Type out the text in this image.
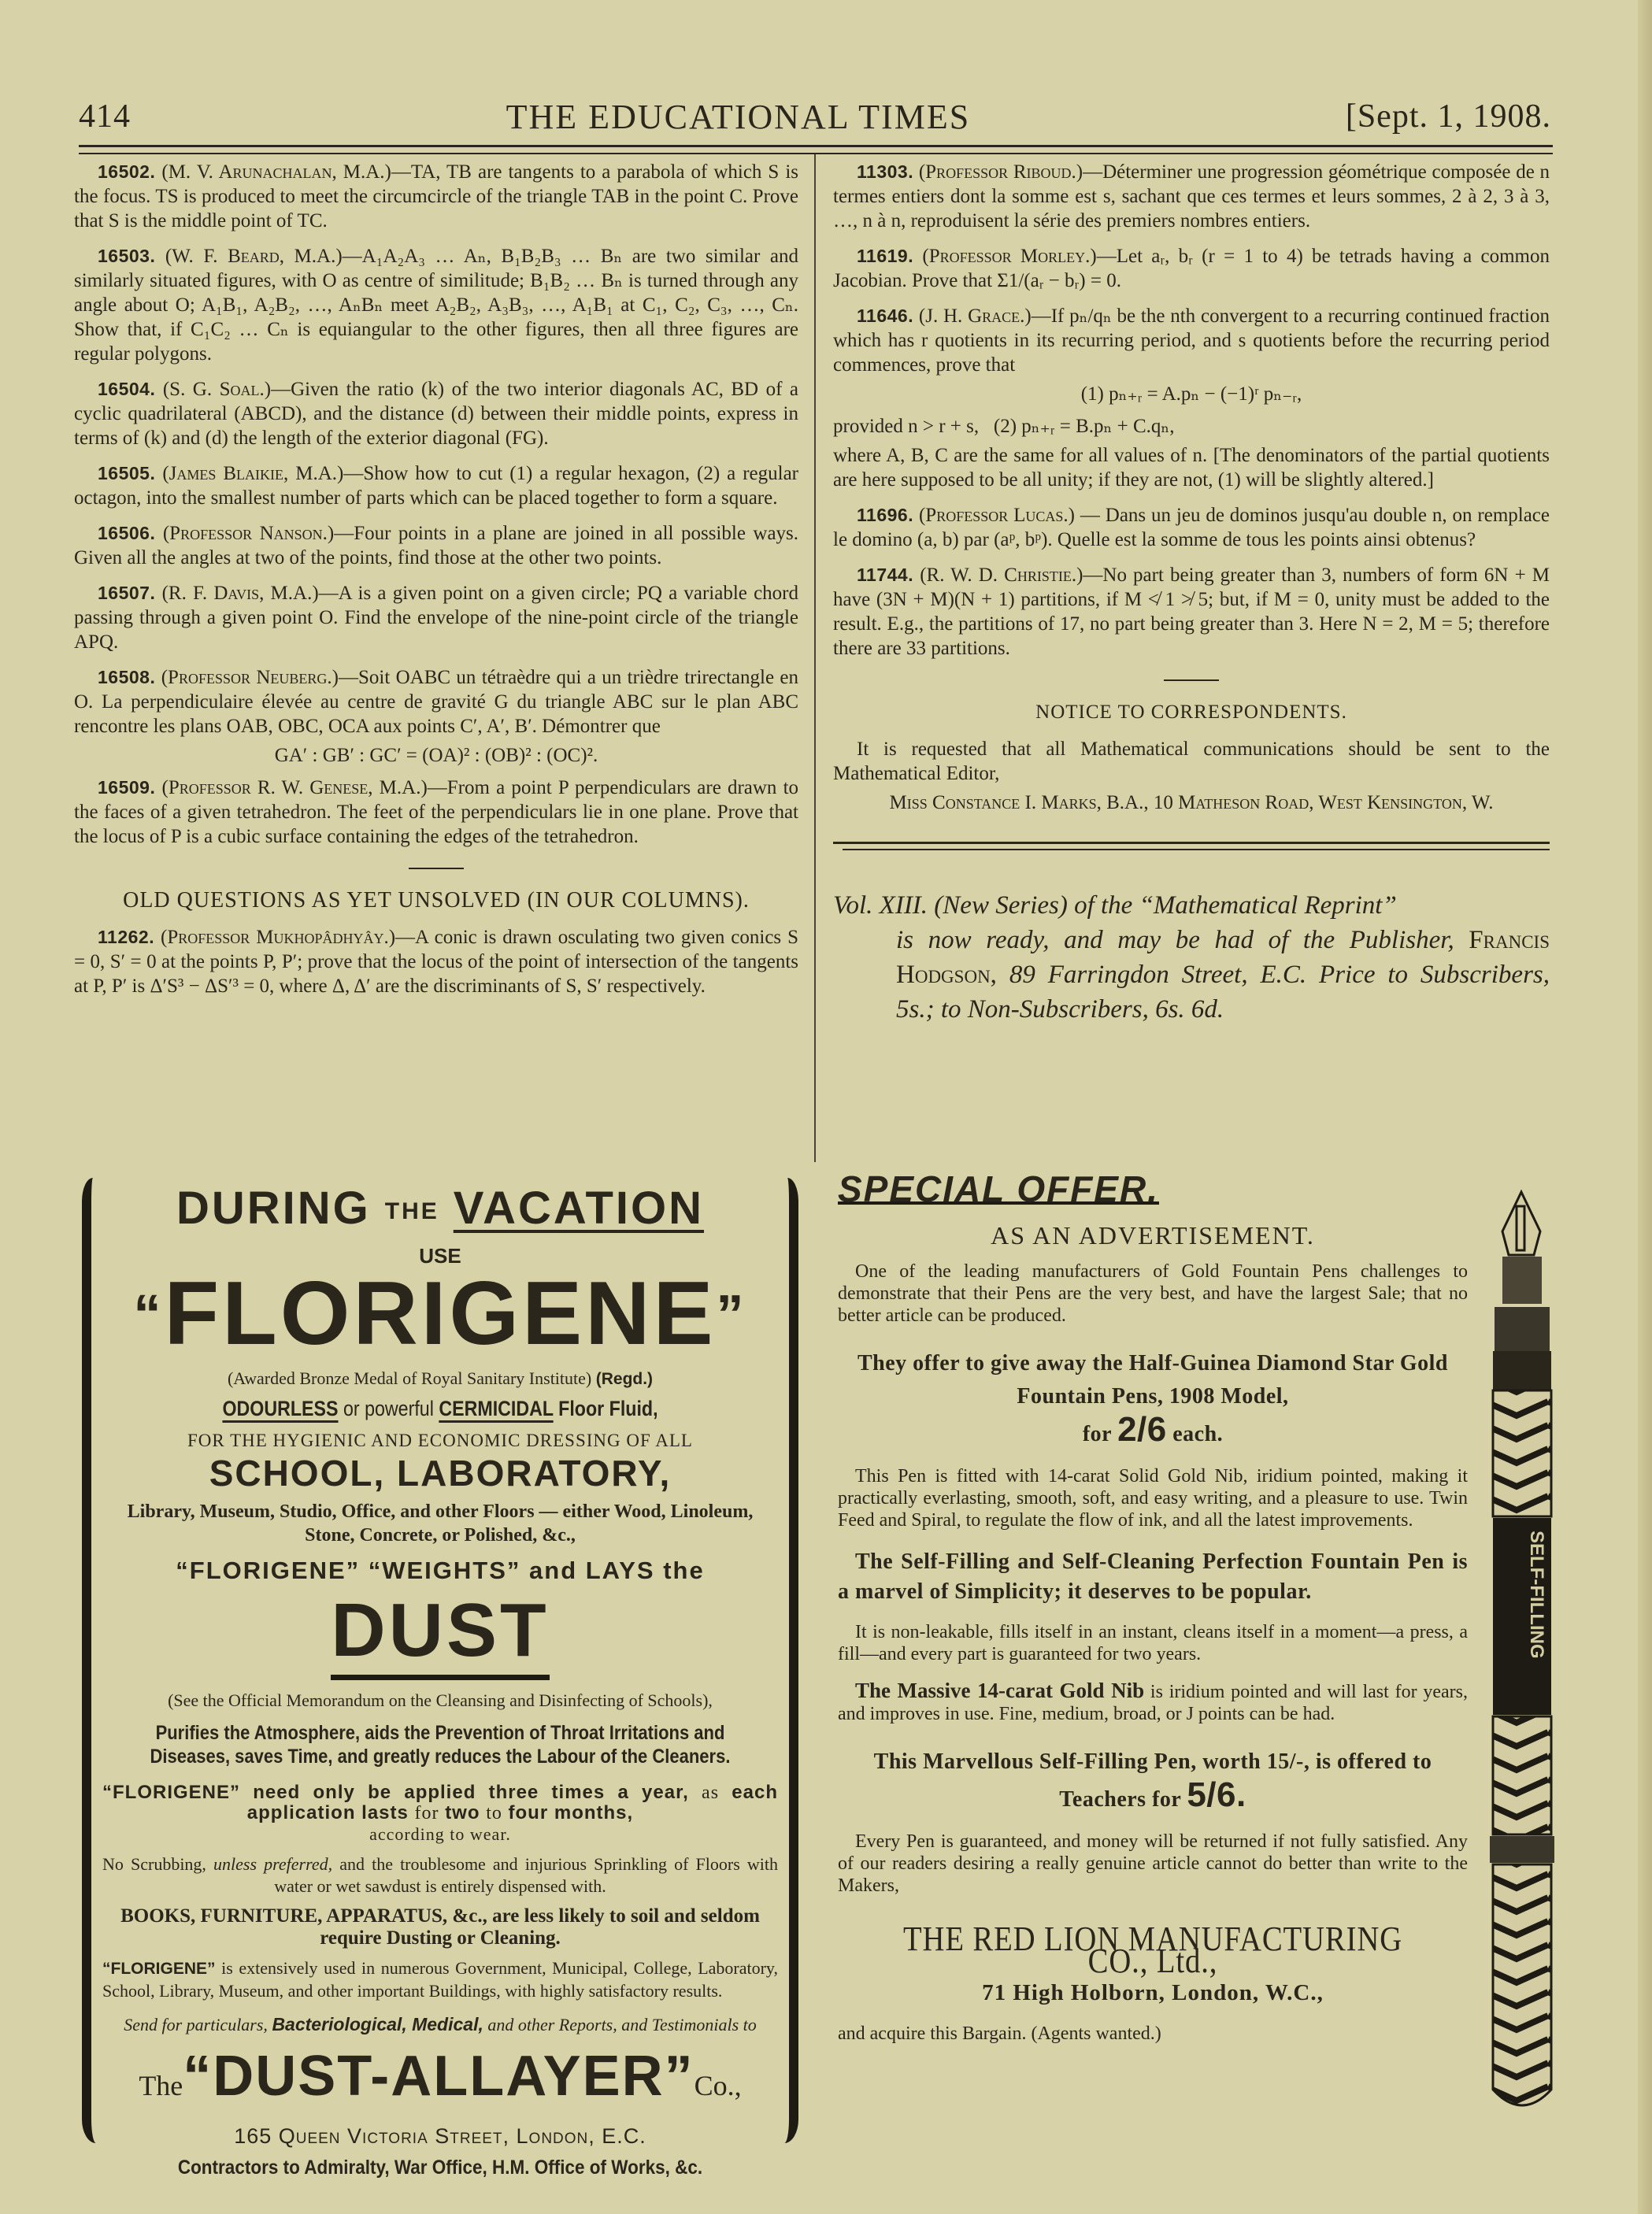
414	THE EDUCATIONAL TIMES	[Sept. 1, 1908.

16502. (M. V. Arunachalan, M.A.)—TA, TB are tangents to a parabola of which S is the focus. TS is produced to meet the circumcircle of the triangle TAB in the point C. Prove that S is the middle point of TC.

16503. (W. F. Beard, M.A.)—A₁A₂A₃ … Aₙ, B₁B₂B₃ … Bₙ are two similar and similarly situated figures, with O as centre of similitude; B₁B₂ … Bₙ is turned through any angle about O; A₁B₁, A₂B₂, …, AₙBₙ meet A₂B₂, A₃B₃, …, A₁B₁ at C₁, C₂, C₃, …, Cₙ. Show that, if C₁C₂ … Cₙ is equiangular to the other figures, then all three figures are regular polygons.

16504. (S. G. Soal.)—Given the ratio (k) of the two interior diagonals AC, BD of a cyclic quadrilateral (ABCD), and the distance (d) between their middle points, express in terms of (k) and (d) the length of the exterior diagonal (FG).

16505. (James Blaikie, M.A.)—Show how to cut (1) a regular hexagon, (2) a regular octagon, into the smallest number of parts which can be placed together to form a square.

16506. (Professor Nanson.)—Four points in a plane are joined in all possible ways. Given all the angles at two of the points, find those at the other two points.

16507. (R. F. Davis, M.A.)—A is a given point on a given circle; PQ a variable chord passing through a given point O. Find the envelope of the nine-point circle of the triangle APQ.

16508. (Professor Neuberg.)—Soit OABC un tétraèdre qui a un trièdre trirectangle en O. La perpendiculaire élevée au centre de gravité G du triangle ABC sur le plan ABC rencontre les plans OAB, OBC, OCA aux points C′, A′, B′. Démontrer que

GA′ : GB′ : GC′ = (OA)² : (OB)² : (OC)².

16509. (Professor R. W. Genese, M.A.)—From a point P perpendiculars are drawn to the faces of a given tetrahedron. The feet of the perpendiculars lie in one plane. Prove that the locus of P is a cubic surface containing the edges of the tetrahedron.

OLD QUESTIONS AS YET UNSOLVED (IN OUR COLUMNS).

11262. (Professor Mukhopâdhyây.)—A conic is drawn osculating two given conics S = 0, S′ = 0 at the points P, P′; prove that the locus of the point of intersection of the tangents at P, P′ is Δ′S³ − ΔS′³ = 0, where Δ, Δ′ are the discriminants of S, S′ respectively.

11303. (Professor Riboud.)—Déterminer une progression géométrique composée de n termes entiers dont la somme est s, sachant que ces termes et leurs sommes, 2 à 2, 3 à 3, …, n à n, reproduisent la série des premiers nombres entiers.

11619. (Professor Morley.)—Let aᵣ, bᵣ (r = 1 to 4) be tetrads having a common Jacobian. Prove that Σ1/(aᵣ − bᵣ) = 0.

11646. (J. H. Grace.)—If pₙ/qₙ be the nth convergent to a recurring continued fraction which has r quotients in its recurring period, and s quotients before the recurring period commences, prove that

(1) pₙ₊ᵣ = A.pₙ − (−1)ʳ pₙ₋ᵣ,
provided n > r + s, (2) pₙ₊ᵣ = B.pₙ + C.qₙ,

where A, B, C are the same for all values of n. [The denominators of the partial quotients are here supposed to be all unity; if they are not, (1) will be slightly altered.]

11696. (Professor Lucas.) — Dans un jeu de dominos jusqu'au double n, on remplace le domino (a, b) par (aᵖ, bᵖ). Quelle est la somme de tous les points ainsi obtenus?

11744. (R. W. D. Christie.)—No part being greater than 3, numbers of form 6N + M have (3N + M)(N + 1) partitions, if M ≮ 1 ≯ 5; but, if M = 0, unity must be added to the result. E.g., the partitions of 17, no part being greater than 3. Here N = 2, M = 5; therefore there are 33 partitions.

NOTICE TO CORRESPONDENTS.

It is requested that all Mathematical communications should be sent to the Mathematical Editor,

Miss Constance I. Marks, B.A., 10 Matheson Road, West Kensington, W.
Vol. XIII. (New Series) of the “Mathematical Reprint”
is now ready, and may be had of the Publisher, Francis Hodgson, 89 Farringdon Street, E.C. Price to Subscribers, 5s.; to Non-Subscribers, 6s. 6d.
DURING THE VACATION
USE
“FLORIGENE”
(Awarded Bronze Medal of Royal Sanitary Institute) (Regd.)
ODOURLESS or powerful CERMICIDAL Floor Fluid,
FOR THE HYGIENIC AND ECONOMIC DRESSING OF ALL
SCHOOL, LABORATORY,
Library, Museum, Studio, Office, and other Floors — either Wood, Linoleum, Stone, Concrete, or Polished, &c.,
“FLORIGENE” “WEIGHTS” and LAYS the
DUST
(See the Official Memorandum on the Cleansing and Disinfecting of Schools),
Purifies the Atmosphere, aids the Prevention of Throat Irritations and Diseases, saves Time, and greatly reduces the Labour of the Cleaners.
“FLORIGENE” need only be applied three times a year, as each application lasts for two to four months,
according to wear.
No Scrubbing, unless preferred, and the troublesome and injurious Sprinkling of Floors with water or wet sawdust is entirely dispensed with.
BOOKS, FURNITURE, APPARATUS, &c., are less likely to soil and seldom require Dusting or Cleaning.
“FLORIGENE” is extensively used in numerous Government, Municipal, College, Laboratory, School, Library, Museum, and other important Buildings, with highly satisfactory results.
Send for particulars, Bacteriological, Medical, and other Reports, and Testimonials to
The“DUST-ALLAYER”Co.,
165 Queen Victoria Street, London, E.C.
Contractors to Admiralty, War Office, H.M. Office of Works, &c.
SPECIAL OFFER.
AS AN ADVERTISEMENT.
One of the leading manufacturers of Gold Fountain Pens challenges to demonstrate that their Pens are the very best, and have the largest Sale; that no better article can be produced.
They offer to give away the Half-Guinea Diamond Star Gold Fountain Pens, 1908 Model,
for 2/6 each.
This Pen is fitted with 14-carat Solid Gold Nib, iridium pointed, making it practically everlasting, smooth, soft, and easy writing, and a pleasure to use. Twin Feed and Spiral, to regulate the flow of ink, and all the latest improvements.
The Self-Filling and Self-Cleaning Perfection Fountain Pen is a marvel of Simplicity; it deserves to be popular.
It is non-leakable, fills itself in an instant, cleans itself in a moment—a press, a fill—and every part is guaranteed for two years.
The Massive 14-carat Gold Nib is iridium pointed and will last for years, and improves in use. Fine, medium, broad, or J points can be had.
This Marvellous Self-Filling Pen, worth 15/-, is offered to Teachers for 5/6.
Every Pen is guaranteed, and money will be returned if not fully satisfied. Any of our readers desiring a really genuine article cannot do better than write to the Makers,
THE RED LION MANUFACTURING CO., Ltd.,
71 High Holborn, London, W.C.,
and acquire this Bargain. (Agents wanted.)
SELF-FILLING
